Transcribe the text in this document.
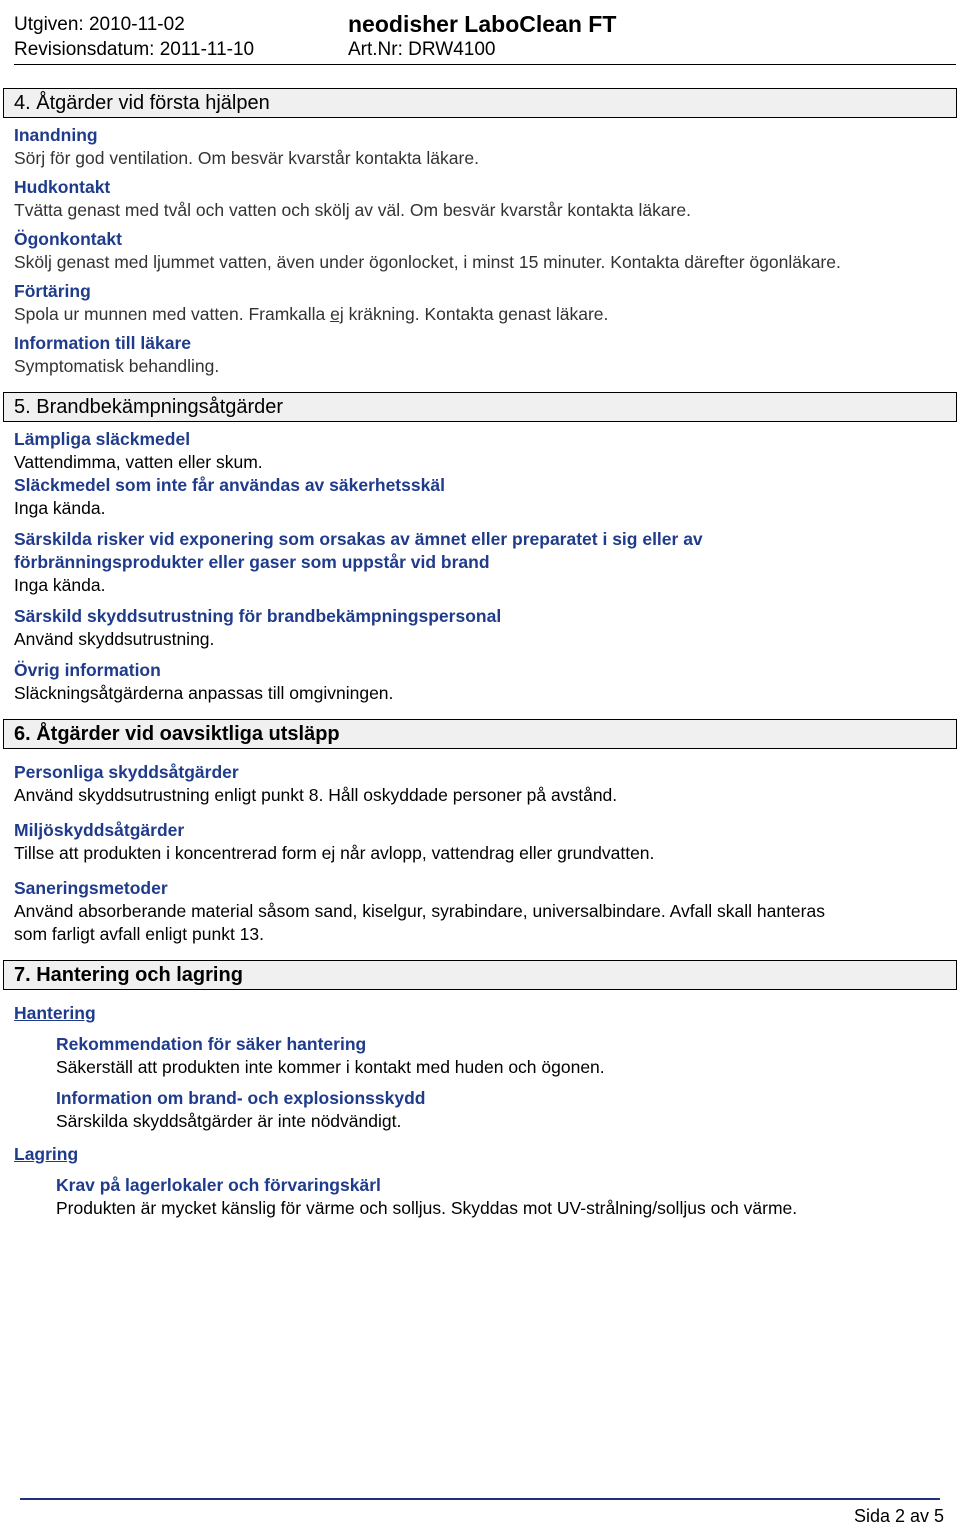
Utgiven: 2010-11-02
Revisionsdatum: 2011-11-10
neodisher LaboClean FT
Art.Nr: DRW4100
4. Åtgärder vid första hjälpen
Inandning
Sörj för god ventilation. Om besvär kvarstår kontakta läkare.
Hudkontakt
Tvätta genast med tvål och vatten och skölj av väl. Om besvär kvarstår kontakta läkare.
Ögonkontakt
Skölj genast med ljummet vatten, även under ögonlocket, i minst 15 minuter. Kontakta därefter ögonläkare.
Förtäring
Spola ur munnen med vatten. Framkalla ej kräkning. Kontakta genast läkare.
Information till läkare
Symptomatisk behandling.
5. Brandbekämpningsåtgärder
Lämpliga släckmedel
Vattendimma, vatten eller skum.
Släckmedel som inte får användas av säkerhetsskäl
Inga kända.
Särskilda risker vid exponering som orsakas av ämnet eller preparatet i sig eller av
förbränningsprodukter eller gaser som uppstår vid brand
Inga kända.
Särskild skyddsutrustning för brandbekämpningspersonal
Använd skyddsutrustning.
Övrig information
Släckningsåtgärderna anpassas till omgivningen.
6. Åtgärder vid oavsiktliga utsläpp
Personliga skyddsåtgärder
Använd skyddsutrustning enligt punkt 8. Håll oskyddade personer på avstånd.
Miljöskyddsåtgärder
Tillse att produkten i koncentrerad form ej når avlopp, vattendrag eller grundvatten.
Saneringsmetoder
Använd absorberande material såsom sand, kiselgur, syrabindare, universalbindare. Avfall skall hanteras
som farligt avfall enligt punkt 13.
7. Hantering och lagring
Hantering
Rekommendation för säker hantering
Säkerställ att produkten inte kommer i kontakt med huden och ögonen.
Information om brand- och explosionsskydd
Särskilda skyddsåtgärder är inte nödvändigt.
Lagring
Krav på lagerlokaler och förvaringskärl
Produkten är mycket känslig för värme och solljus. Skyddas mot UV-strålning/solljus och värme.
Sida 2 av 5
